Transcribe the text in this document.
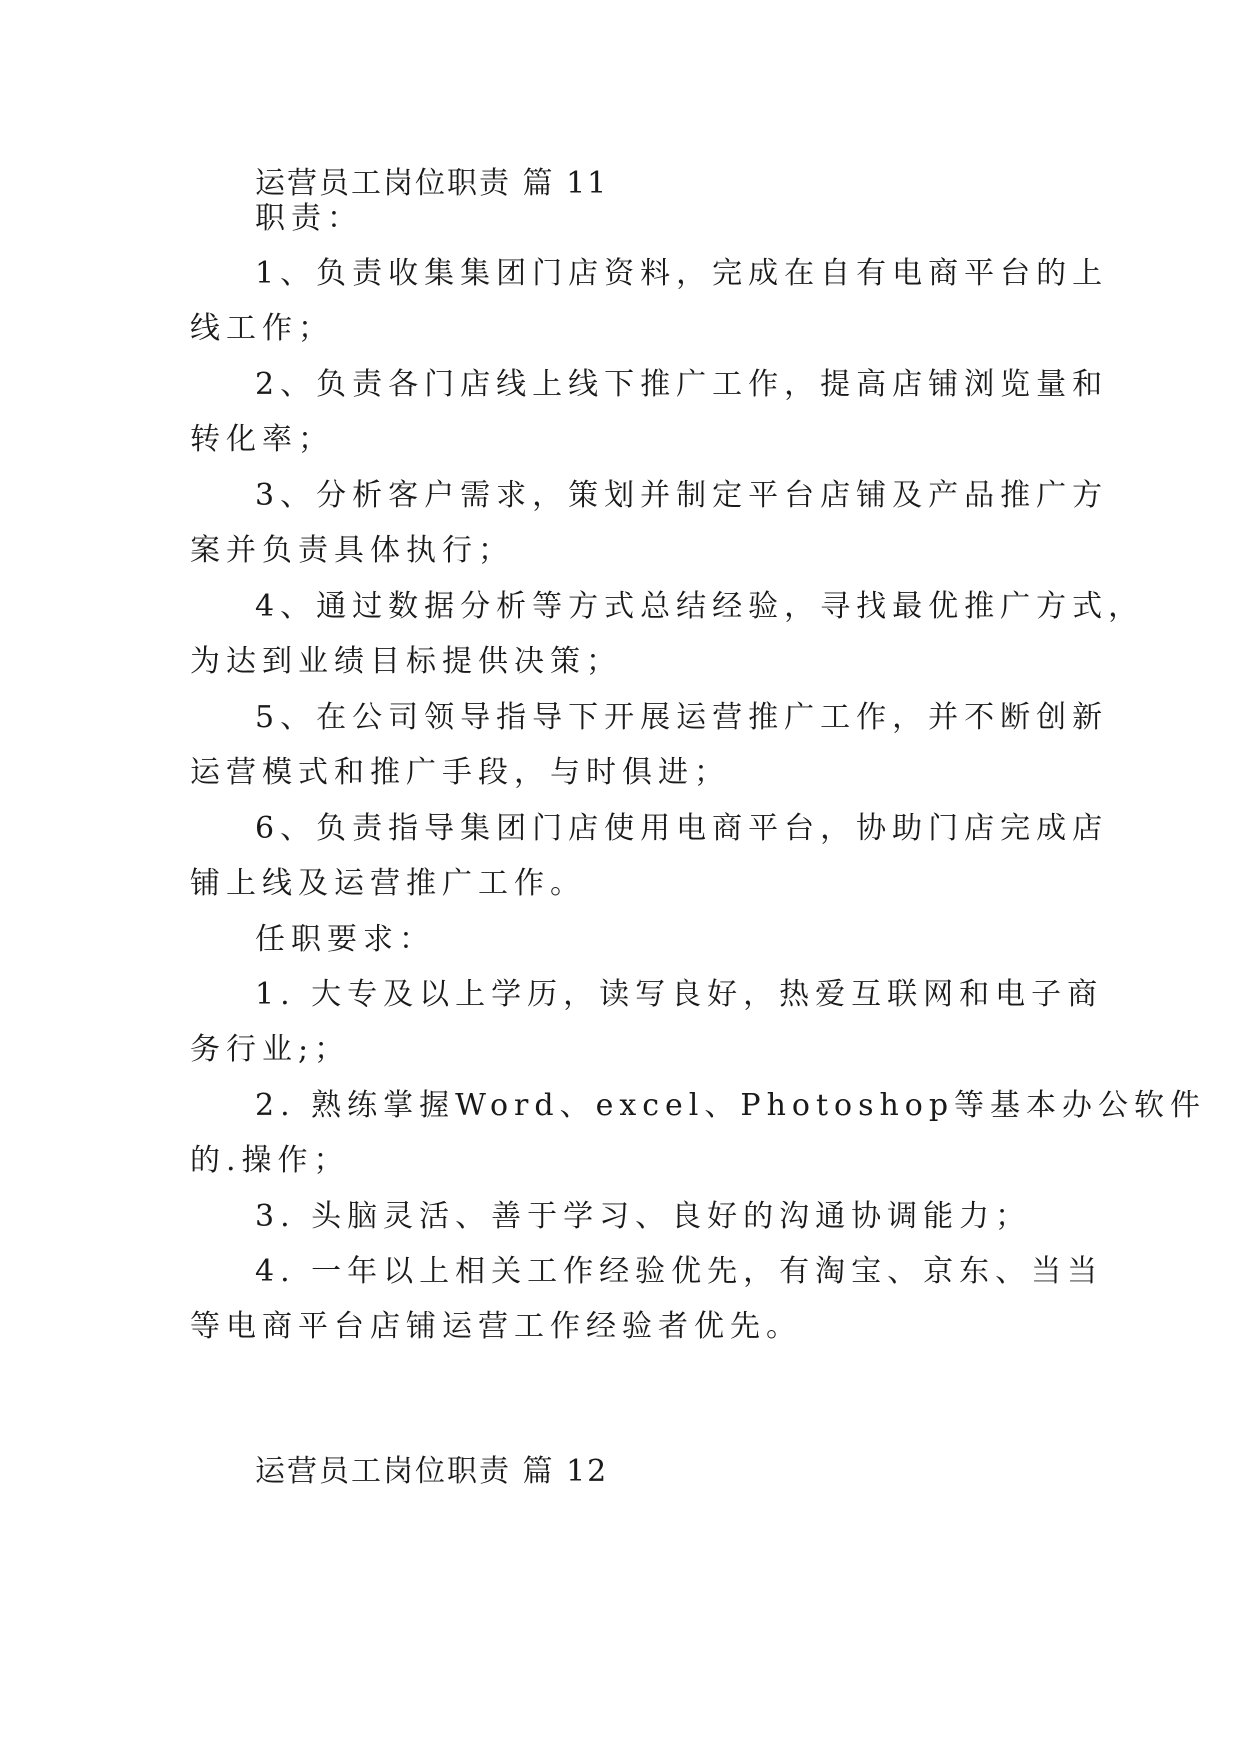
运营员工岗位职责 篇 11
职责：
1、负责收集集团门店资料，完成在自有电商平台的上
线工作；
2、负责各门店线上线下推广工作，提高店铺浏览量和
转化率；
3、分析客户需求，策划并制定平台店铺及产品推广方
案并负责具体执行；
4、通过数据分析等方式总结经验，寻找最优推广方式，
为达到业绩目标提供决策；
5、在公司领导指导下开展运营推广工作，并不断创新
运营模式和推广手段，与时俱进；
6、负责指导集团门店使用电商平台，协助门店完成店
铺上线及运营推广工作。
任职要求：
1. 大专及以上学历，读写良好，热爱互联网和电子商
务行业;；
2. 熟练掌握Word、excel、Photoshop等基本办公软件
的.操作；
3. 头脑灵活、善于学习、良好的沟通协调能力；
4. 一年以上相关工作经验优先，有淘宝、京东、当当
等电商平台店铺运营工作经验者优先。
运营员工岗位职责 篇 12
